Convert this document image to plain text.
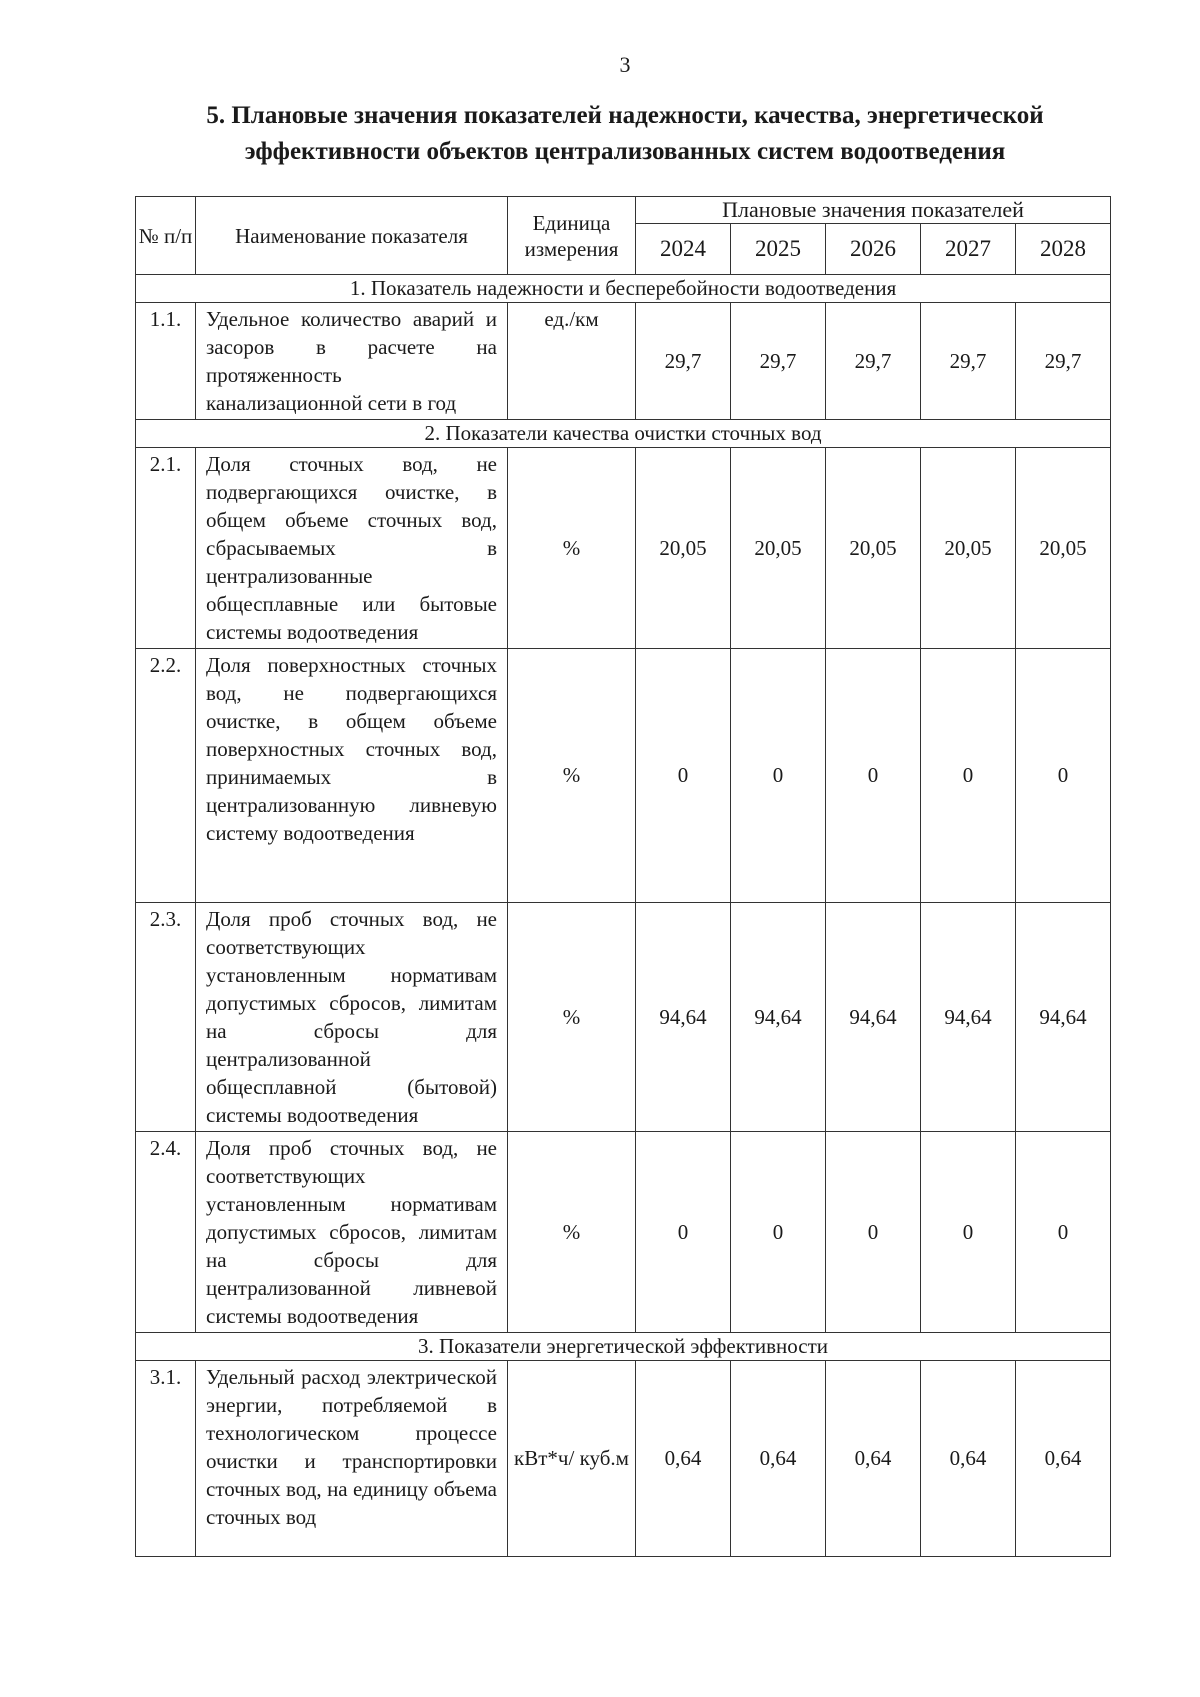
3
5. Плановые значения показателей надежности, качества, энергетической эффективности объектов централизованных систем водоотведения
№ п/п	Наименование показателя	Единица измерения	Плановые значения показателей				
			2024	2025	2026	2027	2028
1. Показатель надежности и бесперебойности водоотведения							
1.1.	Удельное количество аварий и засоров в расчете на протяженность канализационной сети в год	ед./км	29,7	29,7	29,7	29,7	29,7
2. Показатели качества очистки сточных вод							
2.1.	Доля сточных вод, не подвергающихся очистке, в общем объеме сточных вод, сбрасываемых в централизованные общесплавные или бытовые системы водоотведения	%	20,05	20,05	20,05	20,05	20,05
2.2.	Доля поверхностных сточных вод, не подвергающихся очистке, в общем объеме поверхностных сточных вод, принимаемых в централизованную ливневую систему водоотведения	%	0	0	0	0	0
2.3.	Доля проб сточных вод, не соответствующих установленным нормативам допустимых сбросов, лимитам на сбросы для централизованной общесплавной (бытовой) системы водоотведения	%	94,64	94,64	94,64	94,64	94,64
2.4.	Доля проб сточных вод, не соответствующих установленным нормативам допустимых сбросов, лимитам на сбросы для централизованной ливневой системы водоотведения	%	0	0	0	0	0
3. Показатели энергетической эффективности							
3.1.	Удельный расход электрической энергии, потребляемой в технологическом процессе очистки и транспортировки сточных вод, на единицу объема сточных вод	кВт*ч/ куб.м	0,64	0,64	0,64	0,64	0,64
